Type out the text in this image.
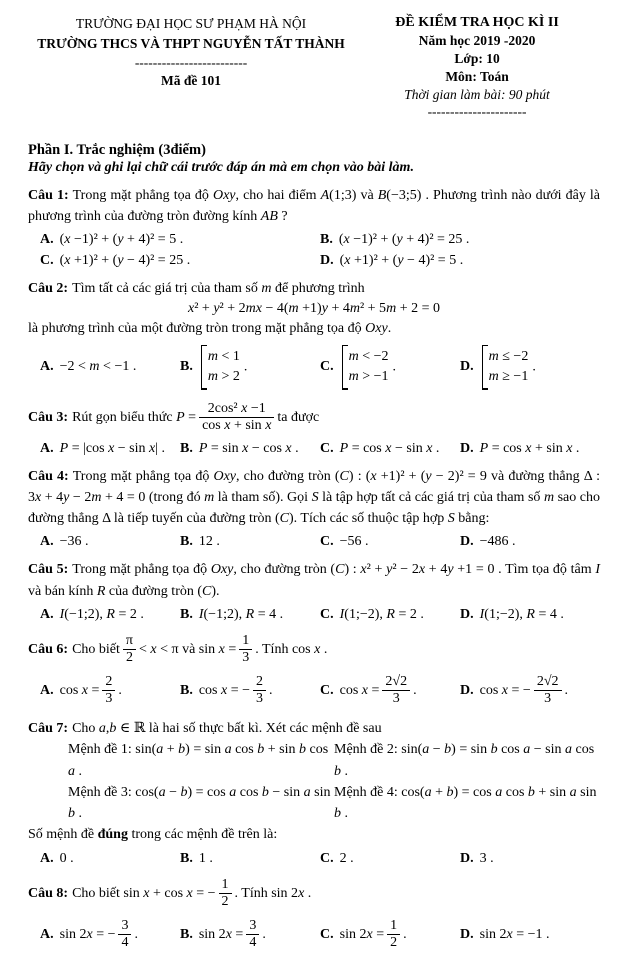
TRƯỜNG ĐẠI HỌC SƯ PHẠM HÀ NỘI
TRƯỜNG THCS VÀ THPT NGUYỄN TẤT THÀNH
-------------------------
Mã đề 101
ĐỀ KIỂM TRA HỌC KÌ II
Năm học 2019 -2020
Lớp: 10
Môn: Toán
Thời gian làm bài: 90 phút
----------------------
Phần I. Trắc nghiệm (3điểm)
Hãy chọn và ghi lại chữ cái trước đáp án mà em chọn vào bài làm.

Câu 1: Trong mặt phẳng tọa độ Oxy, cho hai điểm A(1;3) và B(−3;5) . Phương trình nào dưới đây là phương trình của đường tròn đường kính AB ?

A. (x −1)² + (y + 4)² = 5 .	B. (x −1)² + (y + 4)² = 25 .
C. (x +1)² + (y − 4)² = 25 .	D. (x +1)² + (y − 4)² = 5 .

Câu 2: Tìm tất cả các giá trị của tham số m để phương trình

x² + y² + 2mx − 4(m +1)y + 4m² + 5m + 2 = 0

là phương trình của một đường tròn trong mặt phẳng tọa độ Oxy.

A. −2 < m < −1 .	B.
m < 1
m > 2
.	C.
m < −2
m > −1
.	D.
m ≤ −2
m ≥ −1
.

Câu 3: Rút gọn biểu thức $P = \frac{\text{2cos² x −1}}{\text{cos x + sin x}}$ ta được

A. P = |cos x − sin x| .	B. P = sin x − cos x .	C. P = cos x − sin x .	D. P = cos x + sin x .

Câu 4: Trong mặt phẳng tọa độ Oxy, cho đường tròn (C) : (x +1)² + (y − 2)² = 9 và đường thẳng Δ : 3x + 4y − 2m + 4 = 0 (trong đó m là tham số). Gọi S là tập hợp tất cả các giá trị của tham số m sao cho đường thẳng Δ là tiếp tuyến của đường tròn (C). Tích các số thuộc tập hợp S bằng:

A. −36 .	B. 12 .	C. −56 .	D. −486 .

Câu 5: Trong mặt phẳng tọa độ Oxy, cho đường tròn (C) : x² + y² − 2x + 4y +1 = 0 . Tìm tọa độ tâm I và bán kính R của đường tròn (C).

A. I(−1;2), R = 2 .	B. I(−1;2), R = 4 .	C. I(1;−2), R = 2 .	D. I(1;−2), R = 4 .

Câu 6: Cho biết $\frac{\pi}{2} < x < \pi$ và $\sin x = \frac{1}{3}$ . Tính cos x .

A. $\cos x = \frac{2}{3}$ .	B. cos x = − $\frac{2}{3}$ .	C. $\cos x = \frac{2√2}{3}$ .	D. cos x = − $\frac{2√2}{3}$ .

Câu 7: Cho a,b ∈ ℝ là hai số thực bất kì. Xét các mệnh đề sau

Mệnh đề 1: sin(a + b) = sin a cos b + sin b cos a .
Mệnh đề 2: sin(a − b) = sin b cos a − sin a cos b .
Mệnh đề 3: cos(a − b) = cos a cos b − sin a sin b .
Mệnh đề 4: cos(a + b) = cos a cos b + sin a sin b .

Số mệnh đề đúng trong các mệnh đề trên là:

A. 0 .	B. 1 .	C. 2 .	D. 3 .

Câu 8: Cho biết sin x + cos x = − $\frac{1}{2}$ . Tính sin 2x .

A. sin 2x = − $\frac{3}{4}$ .	B. $\sin 2x = \frac{3}{4}$ .	C. $\sin 2x = \frac{1}{2}$ .	D. sin 2x = −1 .
